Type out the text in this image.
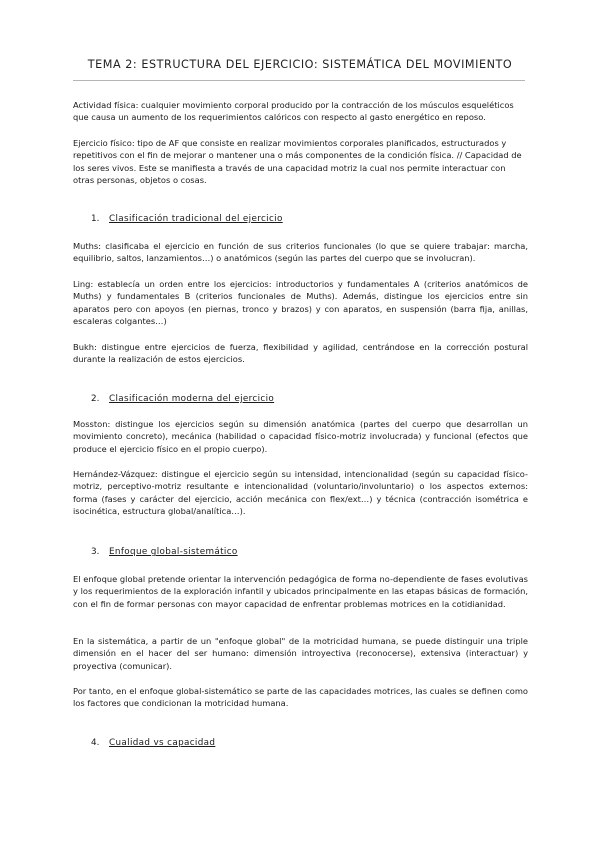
TEMA 2: ESTRUCTURA DEL EJERCICIO: SISTEMÁTICA DEL MOVIMIENTO

Actividad física: cualquier movimiento corporal producido por la contracción de los músculos esqueléticos que causa un aumento de los requerimientos calóricos con respecto al gasto energético en reposo.

Ejercicio físico: tipo de AF que consiste en realizar movimientos corporales planificados, estructurados y repetitivos con el fin de mejorar o mantener una o más componentes de la condición física. // Capacidad de los seres vivos. Este se manifiesta a través de una capacidad motriz la cual nos permite interactuar con otras personas, objetos o cosas.

1. Clasificación tradicional del ejercicio

Muths: clasificaba el ejercicio en función de sus criterios funcionales (lo que se quiere trabajar: marcha, equilibrio, saltos, lanzamientos…) o anatómicos (según las partes del cuerpo que se involucran).

Ling: establecía un orden entre los ejercicios: introductorios y fundamentales A (criterios anatómicos de Muths) y fundamentales B (criterios funcionales de Muths). Además, distingue los ejercicios entre sin aparatos pero con apoyos (en piernas, tronco y brazos) y con aparatos, en suspensión (barra fija, anillas, escaleras colgantes…)

Bukh: distingue entre ejercicios de fuerza, flexibilidad y agilidad, centrándose en la corrección postural durante la realización de estos ejercicios.

2. Clasificación moderna del ejercicio

Mosston: distingue los ejercicios según su dimensión anatómica (partes del cuerpo que desarrollan un movimiento concreto), mecánica (habilidad o capacidad físico-motriz involucrada) y funcional (efectos que produce el ejercicio físico en el propio cuerpo).

Hernández-Vázquez: distingue el ejercicio según su intensidad, intencionalidad (según su capacidad físico-motriz, perceptivo-motriz resultante e intencionalidad (voluntario/involuntario) o los aspectos externos: forma (fases y carácter del ejercicio, acción mecánica con flex/ext…) y técnica (contracción isométrica e isocinética, estructura global/analítica…).

3. Enfoque global-sistemático

El enfoque global pretende orientar la intervención pedagógica de forma no-dependiente de fases evolutivas y los requerimientos de la exploración infantil y ubicados principalmente en las etapas básicas de formación, con el fin de formar personas con mayor capacidad de enfrentar problemas motrices en la cotidianidad.

En la sistemática, a partir de un "enfoque global" de la motricidad humana, se puede distinguir una triple dimensión en el hacer del ser humano: dimensión introyectiva (reconocerse), extensiva (interactuar) y proyectiva (comunicar).

Por tanto, en el enfoque global-sistemático se parte de las capacidades motrices, las cuales se definen como los factores que condicionan la motricidad humana.

4. Cualidad vs capacidad
